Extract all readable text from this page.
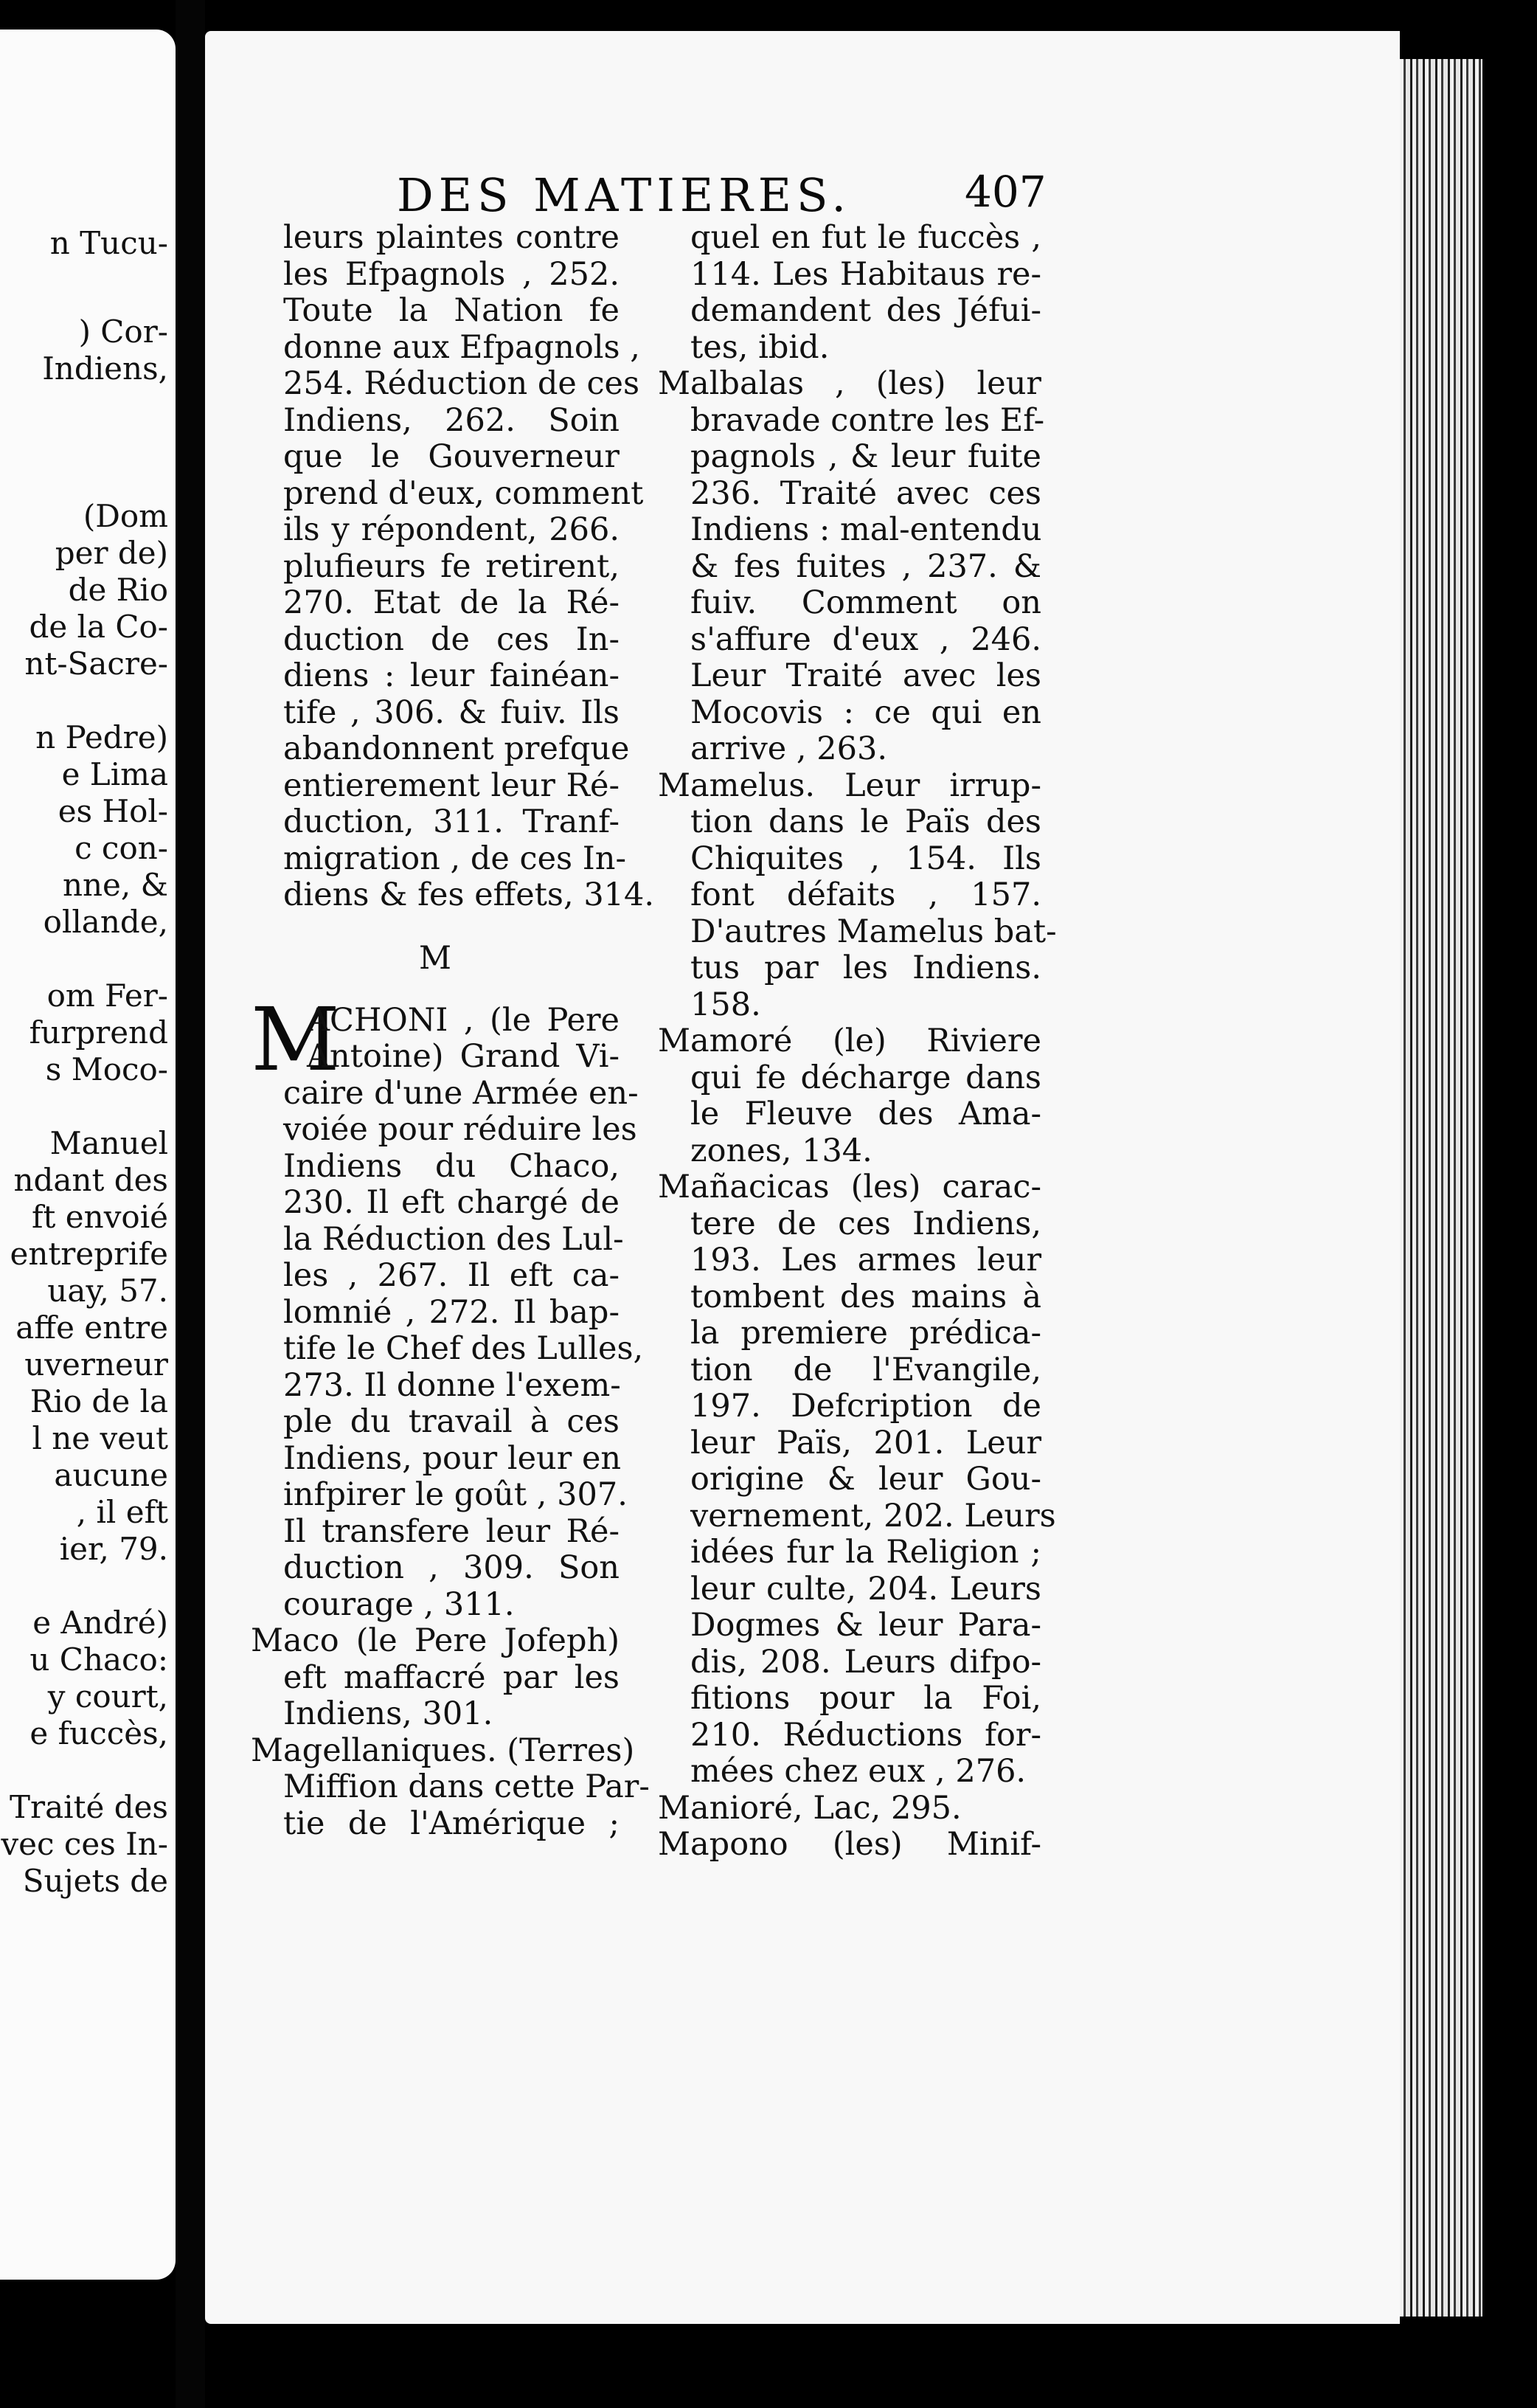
n Tucu-
) Cor-
Indiens,
(Dom
per de)
de Rio
de la Co-
nt-Sacre-
n Pedre)
e Lima
es Hol-
c con-
nne, &
ollande,
om Fer-
furprend
s Moco-
Manuel
ndant des
ft envoié
entreprife
uay, 57.
affe entre
uverneur
Rio de la
l ne veut
aucune
, il eft
ier, 79.
e André)
u Chaco:
y court,
e fuccès,
Traité des
vec ces In-
Sujets de
DES MATIERES.	407

leurs plaintes contre
les Efpagnols , 252.
Toute la Nation fe
donne aux Efpagnols ,
254. Réduction de ces
Indiens, 262. Soin
que le Gouverneur
prend d'eux, comment
ils y répondent, 266.
plufieurs fe retirent,
270. Etat de la Ré-
duction de ces In-
diens : leur fainéan-
tife , 306. & fuiv. Ils
abandonnent prefque
entierement leur Ré-
duction, 311. Tranf-
migration , de ces In-
diens & fes effets, 314.
M
M
ACHONI , (le Pere
Antoine) Grand Vi-
caire d'une Armée en-
voiée pour réduire les
Indiens du Chaco,
230. Il eft chargé de
la Réduction des Lul-
les , 267. Il eft ca-
lomnié , 272. Il bap-
tife le Chef des Lulles,
273. Il donne l'exem-
ple du travail à ces
Indiens, pour leur en
infpirer le goût , 307.
Il transfere leur Ré-
duction , 309. Son
courage , 311.
Maco (le Pere Jofeph)
eft maffacré par les
Indiens, 301.
Magellaniques. (Terres)
Miffion dans cette Par-
tie de l'Amérique ;
quel en fut le fuccès ,
114. Les Habitaus re-
demandent des Jéfui-
tes, ibid.
Malbalas , (les) leur
bravade contre les Ef-
pagnols , & leur fuite
236. Traité avec ces
Indiens : mal-entendu
& fes fuites , 237. &
fuiv. Comment on
s'affure d'eux , 246.
Leur Traité avec les
Mocovis : ce qui en
arrive , 263.
Mamelus. Leur irrup-
tion dans le Païs des
Chiquites , 154. Ils
font défaits , 157.
D'autres Mamelus bat-
tus par les Indiens.
158.
Mamoré (le) Riviere
qui fe décharge dans
le Fleuve des Ama-
zones, 134.
Mañacicas (les) carac-
tere de ces Indiens,
193. Les armes leur
tombent des mains à
la premiere prédica-
tion de l'Evangile,
197. Defcription de
leur Païs, 201. Leur
origine & leur Gou-
vernement, 202. Leurs
idées fur la Religion ;
leur culte, 204. Leurs
Dogmes & leur Para-
dis, 208. Leurs difpo-
fitions pour la Foi,
210. Réductions for-
mées chez eux , 276.
Manioré, Lac, 295.
Mapono (les) Minif-
